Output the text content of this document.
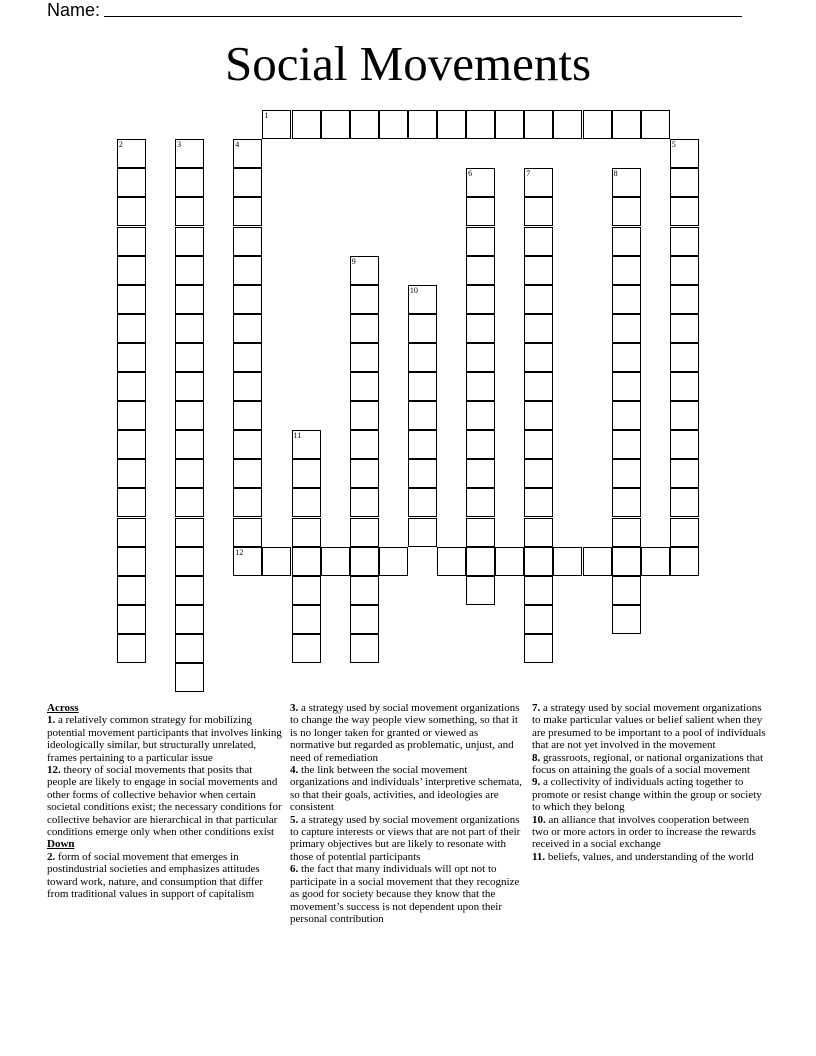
Name:
Social Movements
1
2	3	4	5
6	7	8
9
10
11
12
Across
1. a relatively common strategy for mobilizing potential movement participants that involves linking ideologically similar, but structurally unrelated, frames pertaining to a particular issue
12. theory of social movements that posits that people are likely to engage in social movements and other forms of collective behavior when certain societal conditions exist; the necessary conditions for collective behavior are hierarchical in that particular conditions emerge only when other conditions exist
Down
2. form of social movement that emerges in postindustrial societies and emphasizes attitudes toward work, nature, and consumption that differ from traditional values in support of capitalism
3. a strategy used by social movement organizations to change the way people view something, so that it is no longer taken for granted or viewed as normative but regarded as problematic, unjust, and need of remediation
4. the link between the social movement organizations and individuals’ interpretive schemata, so that their goals, activities, and ideologies are consistent
5. a strategy used by social movement organizations to capture interests or views that are not part of their primary objectives but are likely to resonate with those of potential participants
6. the fact that many individuals will opt not to participate in a social movement that they recognize as good for society because they know that the movement’s success is not dependent upon their personal contribution
7. a strategy used by social movement organizations to make particular values or belief salient when they are presumed to be important to a pool of individuals that are not yet involved in the movement
8. grassroots, regional, or national organizations that focus on attaining the goals of a social movement
9. a collectivity of individuals acting together to promote or resist change within the group or society to which they belong
10. an alliance that involves cooperation between two or more actors in order to increase the rewards received in a social exchange
11. beliefs, values, and understanding of the world
